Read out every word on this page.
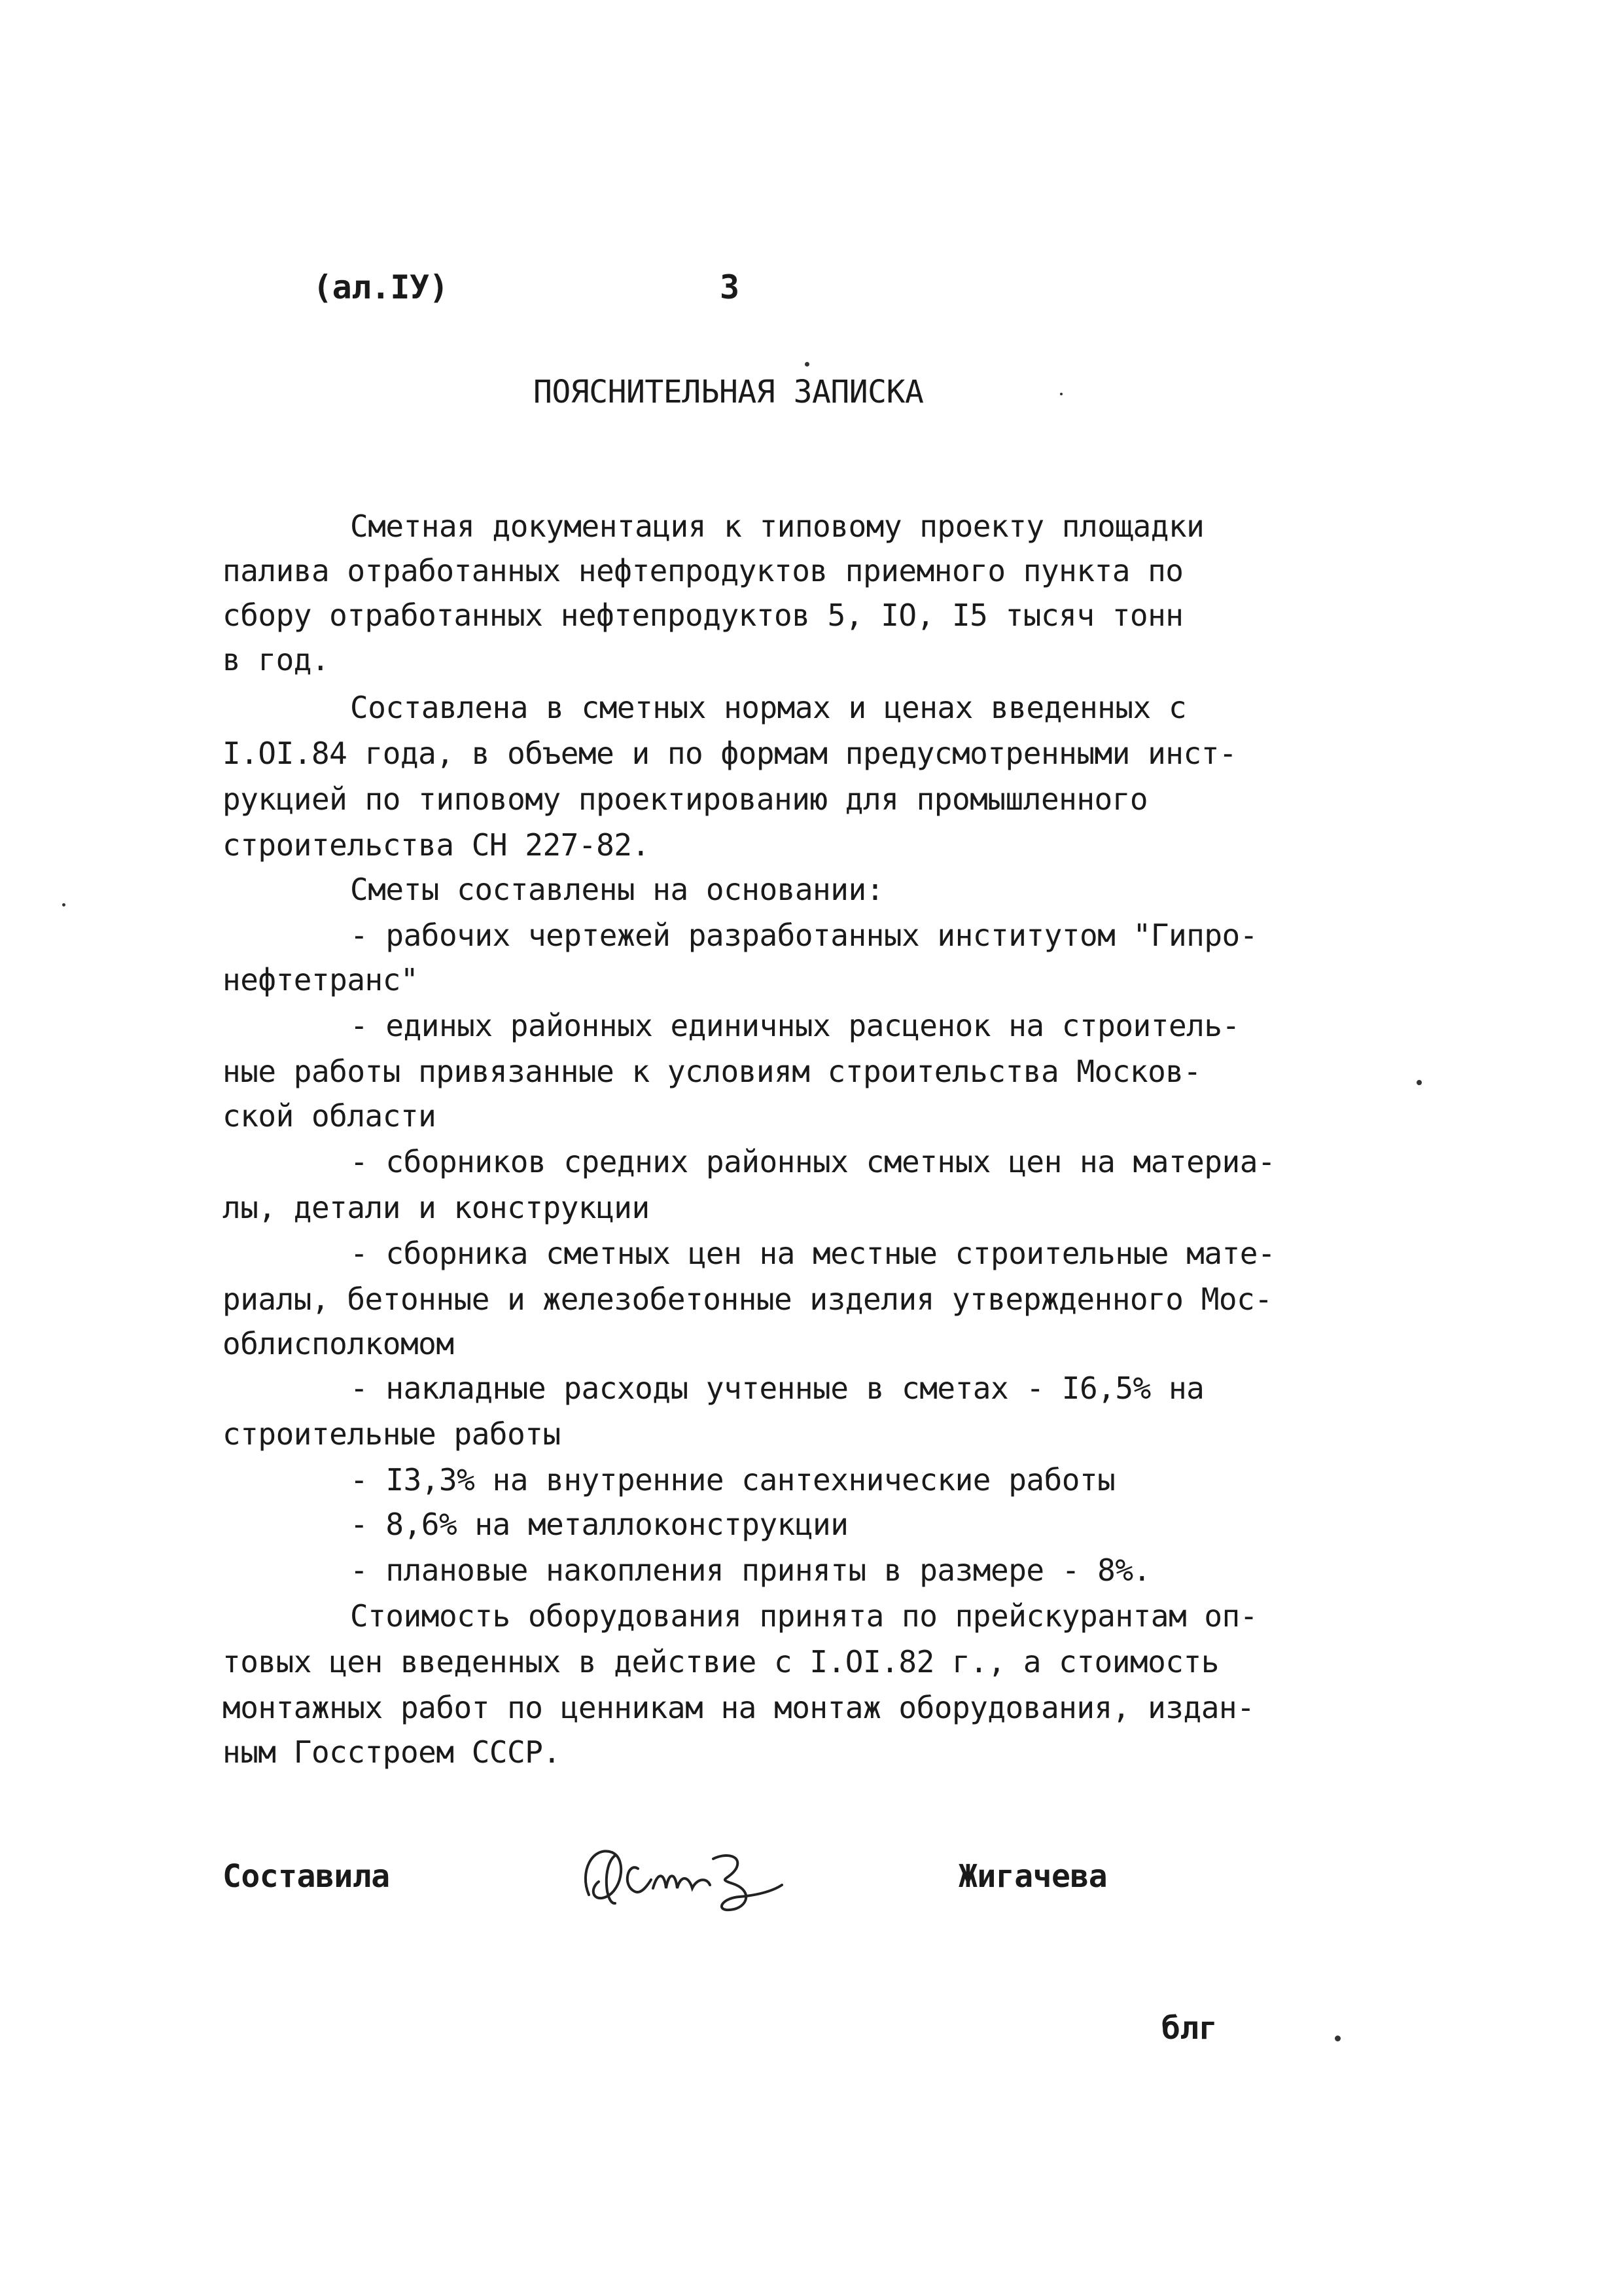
(ал.IУ)	3
ПОЯСНИТЕЛЬНАЯ ЗАПИСКА
Сметная документация к типовому проекту площадки
палива отработанных нефтепродуктов приемного пункта по
сбору отработанных нефтепродуктов 5, IO, I5 тысяч тонн
в год.
Составлена в сметных нормах и ценах введенных с
I.OI.84 года, в объеме и по формам предусмотренными инст-
рукцией по типовому проектированию для промышленного
строительства СН 227-82.
Сметы составлены на основании:
- рабочих чертежей разработанных институтом "Гипро-
нефтетранс"
- единых районных единичных расценок на строитель-
ные работы привязанные к условиям строительства Москов-
ской области
- сборников средних районных сметных цен на материа-
лы, детали и конструкции
- сборника сметных цен на местные строительные мате-
риалы, бетонные и железобетонные изделия утвержденного Мос-
облисполкомом
- накладные расходы учтенные в сметах - I6,5% на
строительные работы
- I3,3% на внутренние сантехнические работы
- 8,6% на металлоконструкции
- плановые накопления приняты в размере - 8%.
Стоимость оборудования принята по прейскурантам оп-
товых цен введенных в действие с I.OI.82 г., а стоимость
монтажных работ по ценникам на монтаж оборудования, издан-
ным Госстроем СССР.
Составила	Жигачева
блг
